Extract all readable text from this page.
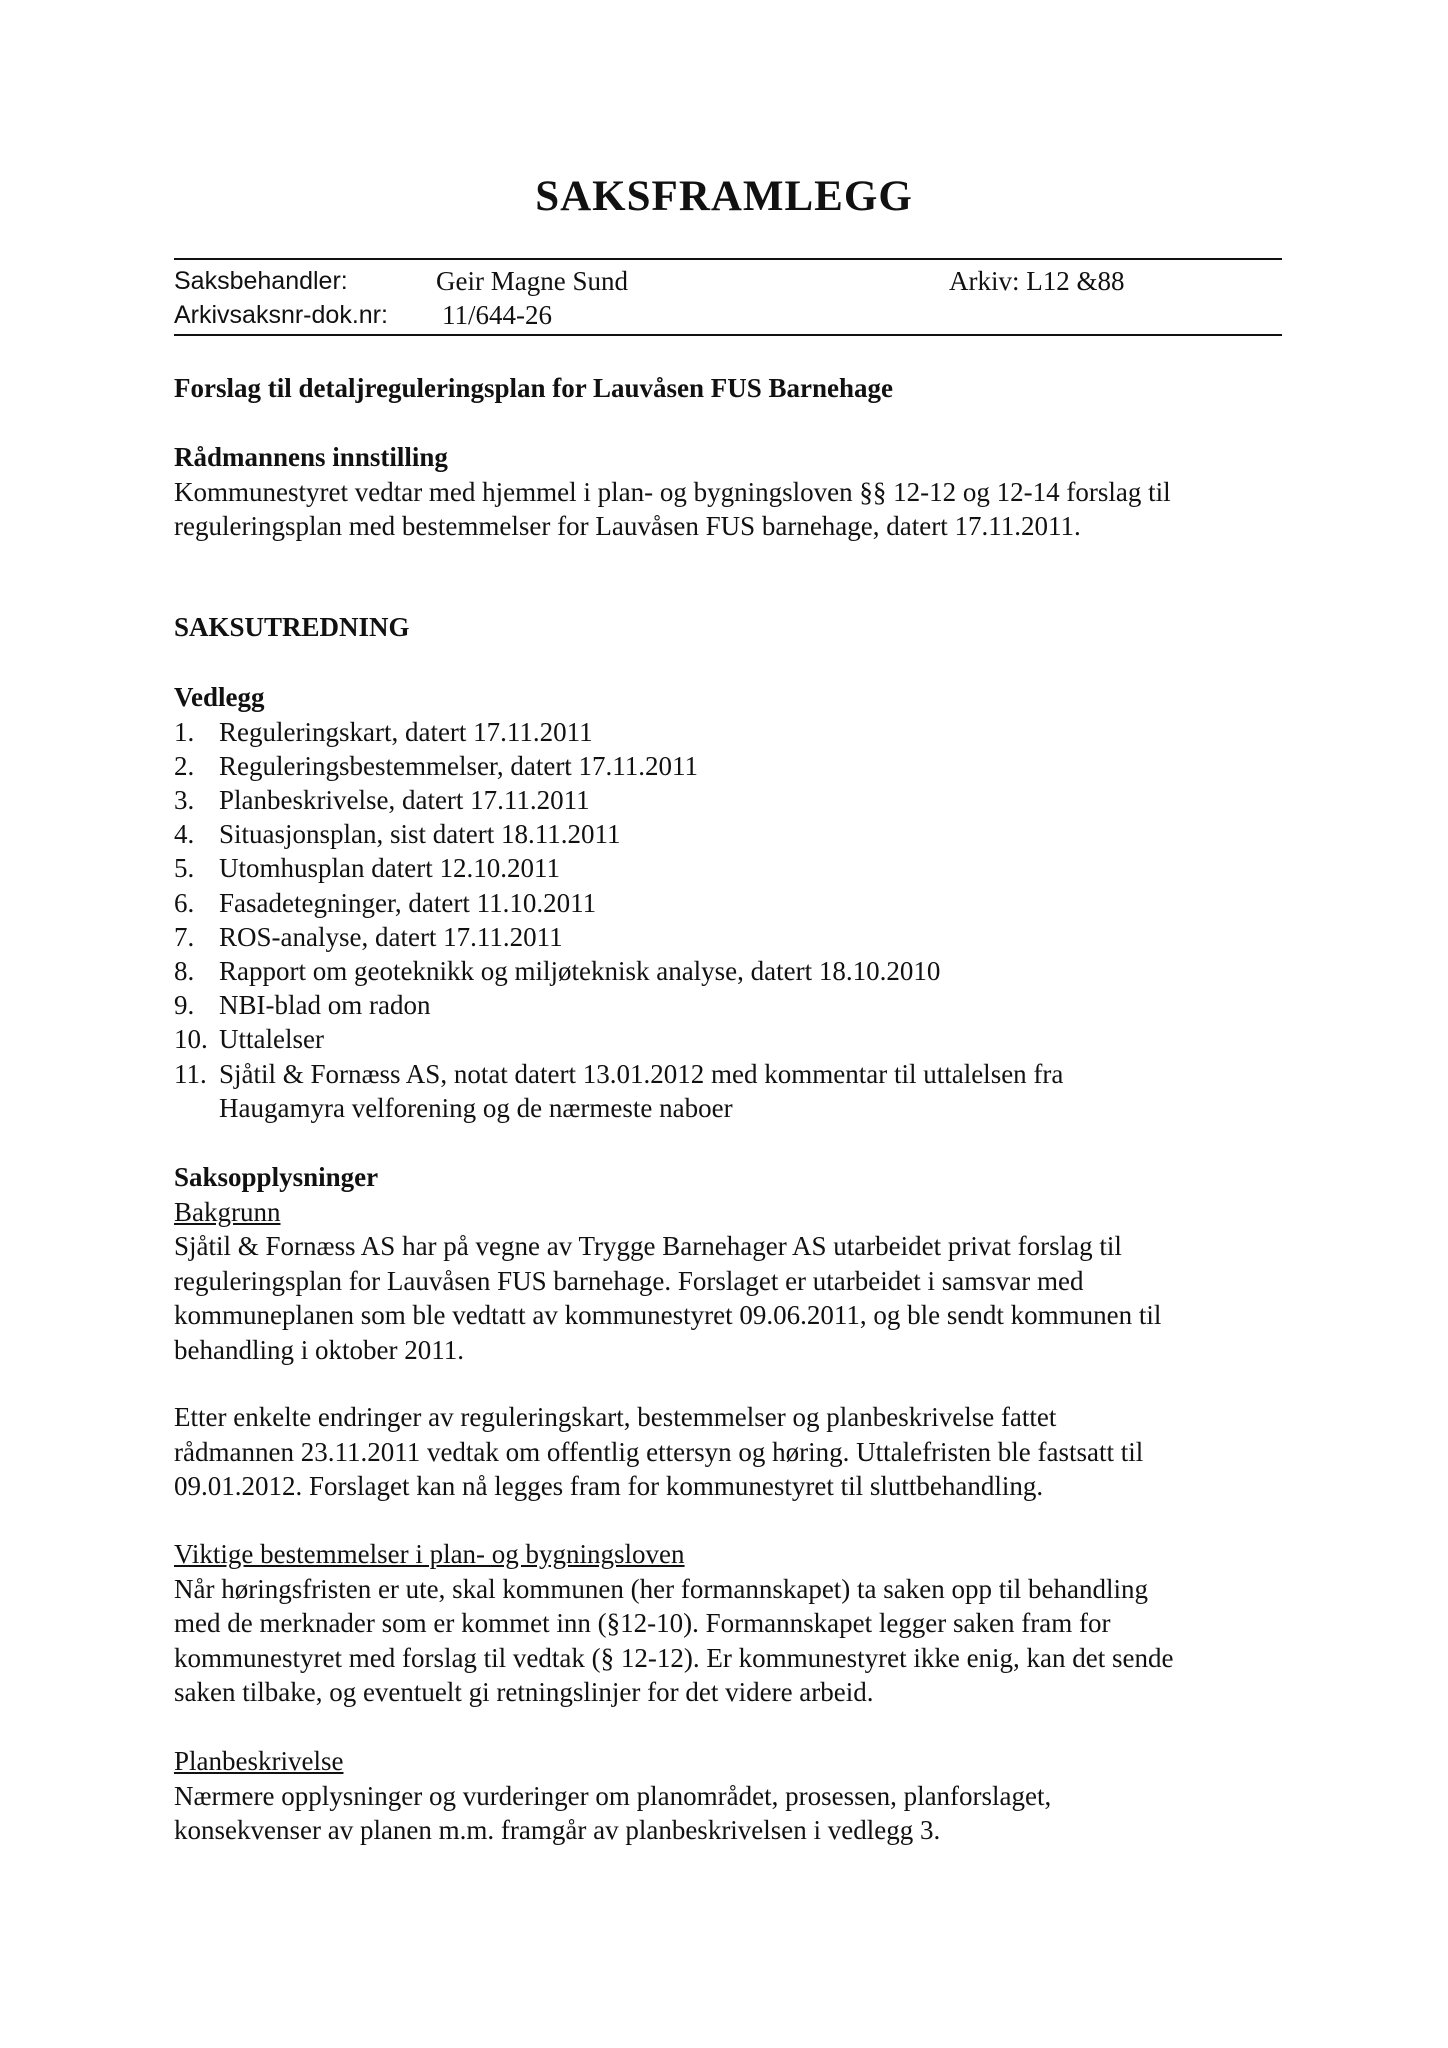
SAKSFRAMLEGG
Saksbehandler:	Geir Magne Sund	Arkiv: L12 &88
Arkivsaksnr-dok.nr: 11/644-26
Forslag til detaljreguleringsplan for Lauvåsen FUS Barnehage
Rådmannens innstilling
Kommunestyret vedtar med hjemmel i plan- og bygningsloven §§ 12-12 og 12-14 forslag til
reguleringsplan med bestemmelser for Lauvåsen FUS barnehage, datert 17.11.2011.
SAKSUTREDNING
Vedlegg
1. Reguleringskart, datert 17.11.2011
2. Reguleringsbestemmelser, datert 17.11.2011
3. Planbeskrivelse, datert 17.11.2011
4. Situasjonsplan, sist datert 18.11.2011
5. Utomhusplan datert 12.10.2011
6. Fasadetegninger, datert 11.10.2011
7. ROS-analyse, datert 17.11.2011
8. Rapport om geoteknikk og miljøteknisk analyse, datert 18.10.2010
9. NBI-blad om radon
10. Uttalelser
11. Sjåtil & Fornæss AS, notat datert 13.01.2012 med kommentar til uttalelsen fra
Haugamyra velforening og de nærmeste naboer
Saksopplysninger
Bakgrunn
Sjåtil & Fornæss AS har på vegne av Trygge Barnehager AS utarbeidet privat forslag til
reguleringsplan for Lauvåsen FUS barnehage. Forslaget er utarbeidet i samsvar med
kommuneplanen som ble vedtatt av kommunestyret 09.06.2011, og ble sendt kommunen til
behandling i oktober 2011.
Etter enkelte endringer av reguleringskart, bestemmelser og planbeskrivelse fattet
rådmannen 23.11.2011 vedtak om offentlig ettersyn og høring. Uttalefristen ble fastsatt til
09.01.2012. Forslaget kan nå legges fram for kommunestyret til sluttbehandling.
Viktige bestemmelser i plan- og bygningsloven
Når høringsfristen er ute, skal kommunen (her formannskapet) ta saken opp til behandling
med de merknader som er kommet inn (§12-10). Formannskapet legger saken fram for
kommunestyret med forslag til vedtak (§ 12-12). Er kommunestyret ikke enig, kan det sende
saken tilbake, og eventuelt gi retningslinjer for det videre arbeid.
Planbeskrivelse
Nærmere opplysninger og vurderinger om planområdet, prosessen, planforslaget,
konsekvenser av planen m.m. framgår av planbeskrivelsen i vedlegg 3.
